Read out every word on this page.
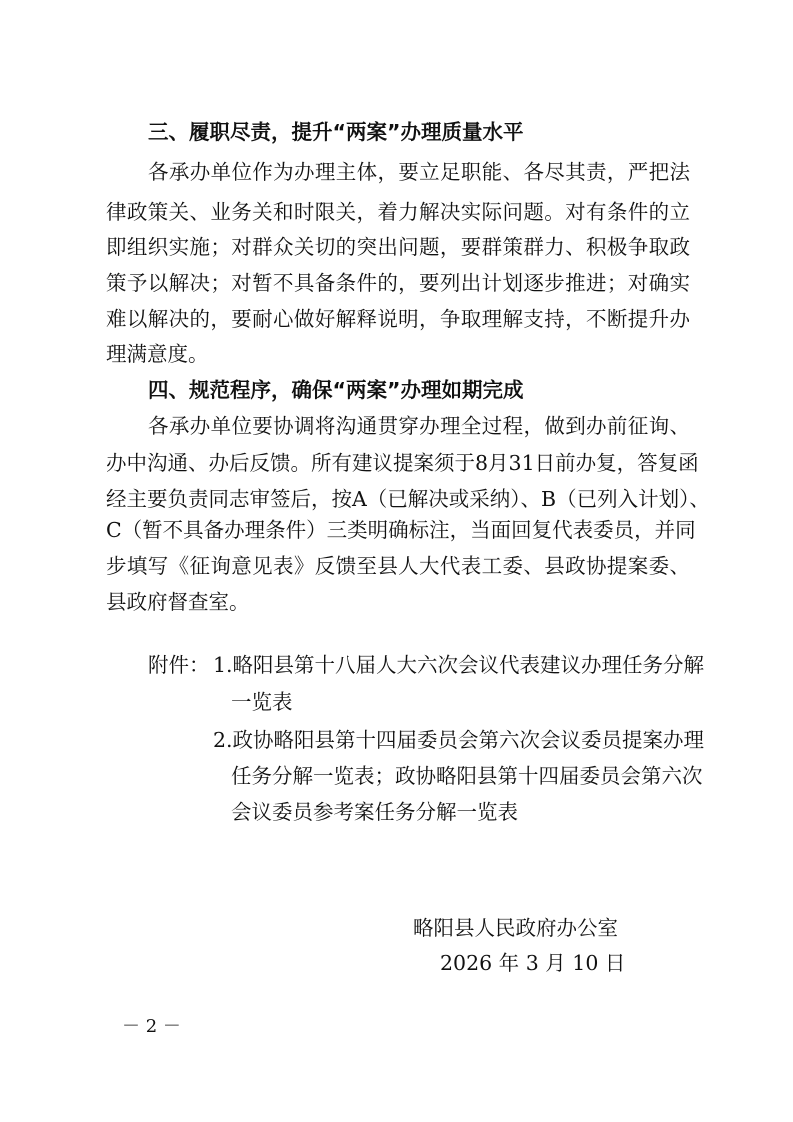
三、履职尽责，提升“两案”办理质量水平
各承办单位作为办理主体，要立足职能、各尽其责，严把法
律政策关、业务关和时限关，着力解决实际问题。对有条件的立
即组织实施；对群众关切的突出问题，要群策群力、积极争取政
策予以解决；对暂不具备条件的，要列出计划逐步推进；对确实
难以解决的，要耐心做好解释说明，争取理解支持，不断提升办
理满意度。
四、规范程序，确保“两案”办理如期完成
各承办单位要协调将沟通贯穿办理全过程，做到办前征询、
办中沟通、办后反馈。所有建议提案须于8月31日前办复，答复函
经主要负责同志审签后，按A（已解决或采纳）、B（已列入计划）、
C（暂不具备办理条件）三类明确标注，当面回复代表委员，并同
步填写《征询意见表》反馈至县人大代表工委、县政协提案委、
县政府督查室。
附件： 1.略阳县第十八届人大六次会议代表建议办理任务分解
一览表
2.政协略阳县第十四届委员会第六次会议委员提案办理
任务分解一览表；政协略阳县第十四届委员会第六次
会议委员参考案任务分解一览表
略阳县人民政府办公室
2026 年 3 月 10 日
－ 2 －
